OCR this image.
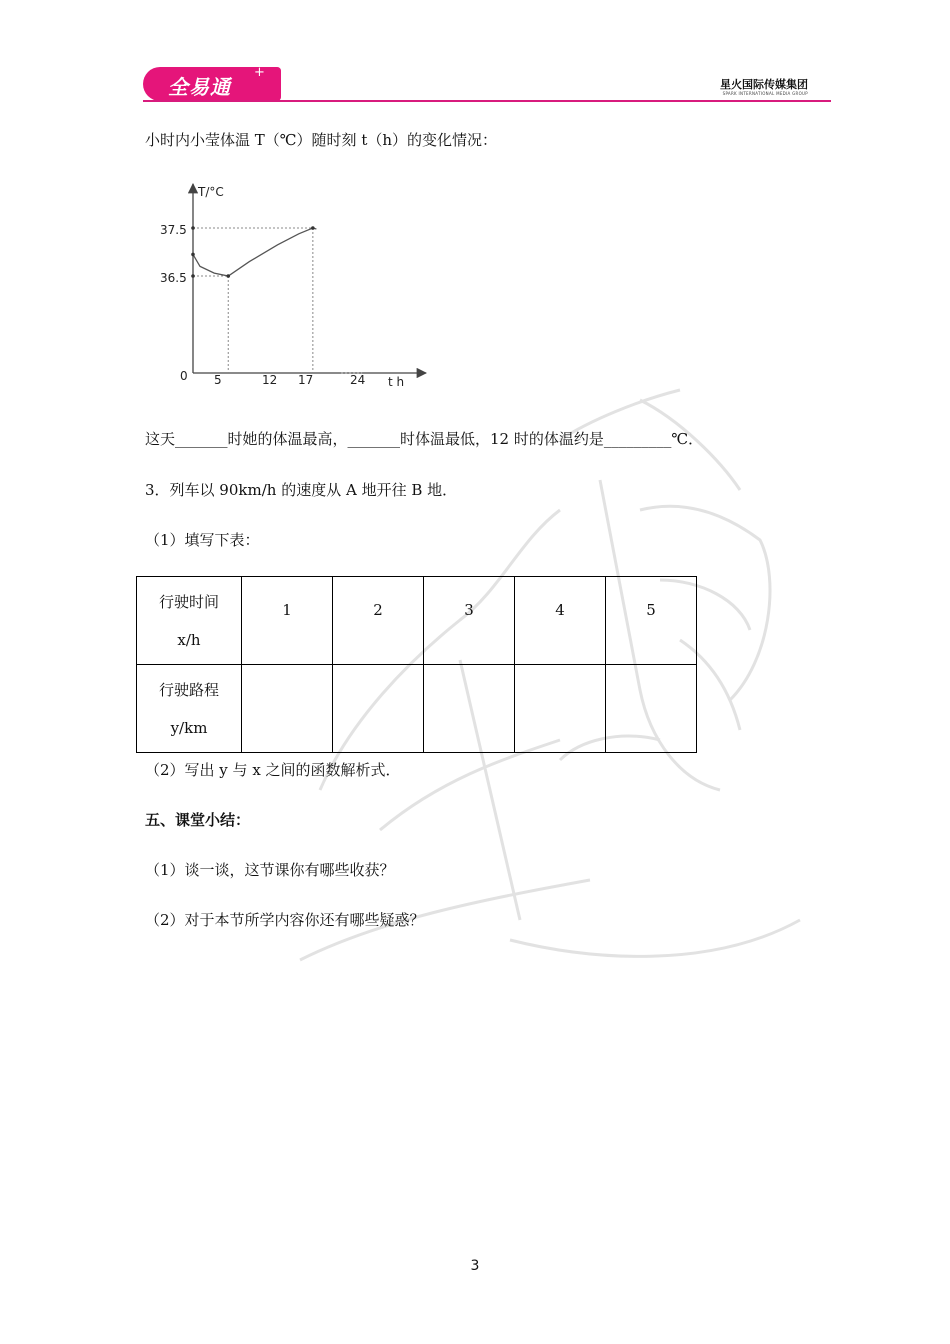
全易通
+
星火国际传媒集团
SPARK INTERNATIONAL MEDIA GROUP
小时内小莹体温 T（℃）随时刻 t（h）的变化情况：
T/°C
t h
37.5
36.5
0 5	12 17	24
这天_______时她的体温最高，_______时体温最低，12 时的体温约是_________℃．
3．列车以 90km/h 的速度从 A 地开往 B 地．
（1）填写下表：
行驶时间
x/h	1	2	3	4	5

行驶路程
y/km					

（2）写出 y 与 x 之间的函数解析式．
五、课堂小结：
（1）谈一谈，这节课你有哪些收获？
（2）对于本节所学内容你还有哪些疑惑？
3
